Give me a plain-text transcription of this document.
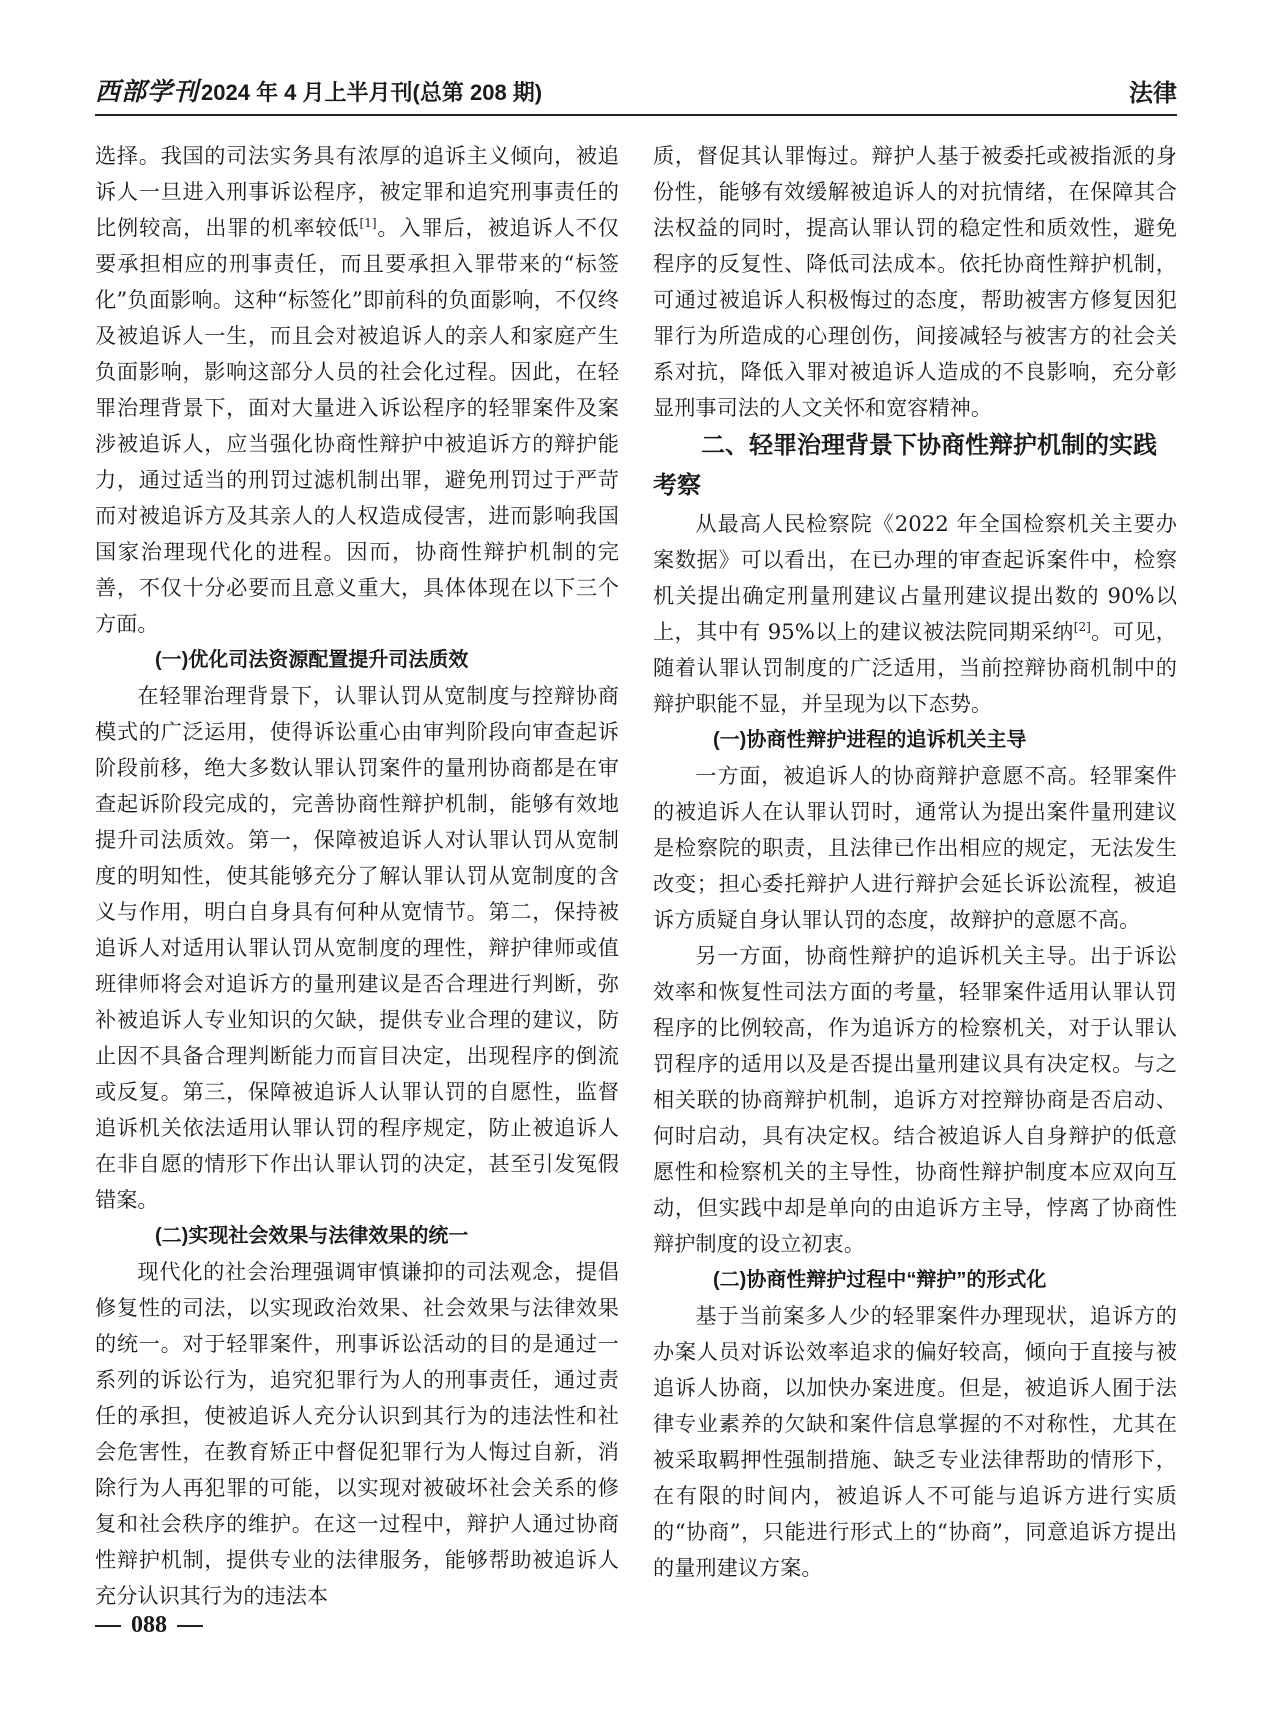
西部学刊 2024 年 4 月上半月刊(总第 208 期)	法律

选择。我国的司法实务具有浓厚的追诉主义倾向，被追诉人一旦进入刑事诉讼程序，被定罪和追究刑事责任的比例较高，出罪的机率较低[1]。入罪后，被追诉人不仅要承担相应的刑事责任，而且要承担入罪带来的“标签化”负面影响。这种“标签化”即前科的负面影响，不仅终及被追诉人一生，而且会对被追诉人的亲人和家庭产生负面影响，影响这部分人员的社会化过程。因此，在轻罪治理背景下，面对大量进入诉讼程序的轻罪案件及案涉被追诉人，应当强化协商性辩护中被追诉方的辩护能力，通过适当的刑罚过滤机制出罪，避免刑罚过于严苛而对被追诉方及其亲人的人权造成侵害，进而影响我国国家治理现代化的进程。因而，协商性辩护机制的完善，不仅十分必要而且意义重大，具体体现在以下三个方面。

(一)优化司法资源配置提升司法质效

在轻罪治理背景下，认罪认罚从宽制度与控辩协商模式的广泛运用，使得诉讼重心由审判阶段向审查起诉阶段前移，绝大多数认罪认罚案件的量刑协商都是在审查起诉阶段完成的，完善协商性辩护机制，能够有效地提升司法质效。第一，保障被追诉人对认罪认罚从宽制度的明知性，使其能够充分了解认罪认罚从宽制度的含义与作用，明白自身具有何种从宽情节。第二，保持被追诉人对适用认罪认罚从宽制度的理性，辩护律师或值班律师将会对追诉方的量刑建议是否合理进行判断，弥补被追诉人专业知识的欠缺，提供专业合理的建议，防止因不具备合理判断能力而盲目决定，出现程序的倒流或反复。第三，保障被追诉人认罪认罚的自愿性，监督追诉机关依法适用认罪认罚的程序规定，防止被追诉人在非自愿的情形下作出认罪认罚的决定，甚至引发冤假错案。

(二)实现社会效果与法律效果的统一

现代化的社会治理强调审慎谦抑的司法观念，提倡修复性的司法，以实现政治效果、社会效果与法律效果的统一。对于轻罪案件，刑事诉讼活动的目的是通过一系列的诉讼行为，追究犯罪行为人的刑事责任，通过责任的承担，使被追诉人充分认识到其行为的违法性和社会危害性，在教育矫正中督促犯罪行为人悔过自新，消除行为人再犯罪的可能，以实现对被破坏社会关系的修复和社会秩序的维护。在这一过程中，辩护人通过协商性辩护机制，提供专业的法律服务，能够帮助被追诉人充分认识其行为的违法本

质，督促其认罪悔过。辩护人基于被委托或被指派的身份性，能够有效缓解被追诉人的对抗情绪，在保障其合法权益的同时，提高认罪认罚的稳定性和质效性，避免程序的反复性、降低司法成本。依托协商性辩护机制，可通过被追诉人积极悔过的态度，帮助被害方修复因犯罪行为所造成的心理创伤，间接减轻与被害方的社会关系对抗，降低入罪对被追诉人造成的不良影响，充分彰显刑事司法的人文关怀和宽容精神。

二、轻罪治理背景下协商性辩护机制的实践考察

从最高人民检察院《2022 年全国检察机关主要办案数据》可以看出，在已办理的审查起诉案件中，检察机关提出确定刑量刑建议占量刑建议提出数的 90%以上，其中有 95%以上的建议被法院同期采纳[2]。可见，随着认罪认罚制度的广泛适用，当前控辩协商机制中的辩护职能不显，并呈现为以下态势。

(一)协商性辩护进程的追诉机关主导

一方面，被追诉人的协商辩护意愿不高。轻罪案件的被追诉人在认罪认罚时，通常认为提出案件量刑建议是检察院的职责，且法律已作出相应的规定，无法发生改变；担心委托辩护人进行辩护会延长诉讼流程，被追诉方质疑自身认罪认罚的态度，故辩护的意愿不高。

另一方面，协商性辩护的追诉机关主导。出于诉讼效率和恢复性司法方面的考量，轻罪案件适用认罪认罚程序的比例较高，作为追诉方的检察机关，对于认罪认罚程序的适用以及是否提出量刑建议具有决定权。与之相关联的协商辩护机制，追诉方对控辩协商是否启动、何时启动，具有决定权。结合被追诉人自身辩护的低意愿性和检察机关的主导性，协商性辩护制度本应双向互动，但实践中却是单向的由追诉方主导，悖离了协商性辩护制度的设立初衷。

(二)协商性辩护过程中“辩护”的形式化

基于当前案多人少的轻罪案件办理现状，追诉方的办案人员对诉讼效率追求的偏好较高，倾向于直接与被追诉人协商，以加快办案进度。但是，被追诉人囿于法律专业素养的欠缺和案件信息掌握的不对称性，尤其在被采取羁押性强制措施、缺乏专业法律帮助的情形下，在有限的时间内，被追诉人不可能与追诉方进行实质的“协商”，只能进行形式上的“协商”，同意追诉方提出的量刑建议方案。

088
